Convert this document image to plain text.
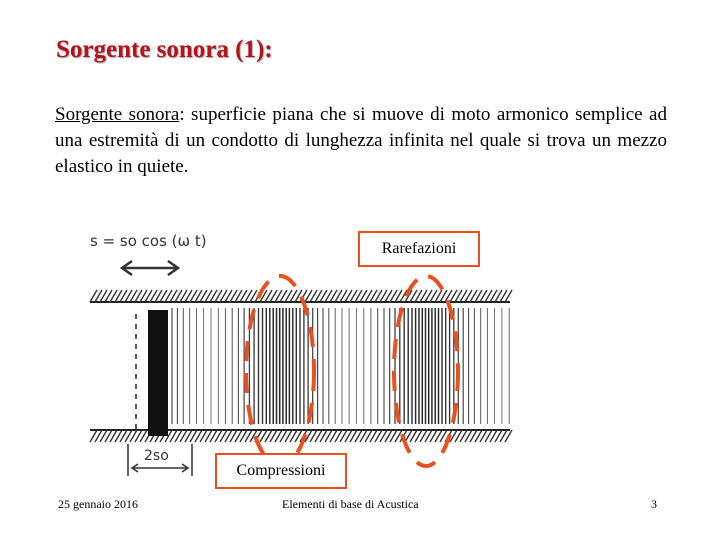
Sorgente sonora (1):
Sorgente sonora: superficie piana che si muove di moto armonico semplice ad una estremità di un condotto di lunghezza infinita nel quale si trova un mezzo elastico in quiete.
s = so cos (ω t)
2so
Rarefazioni
Compressioni
25 gennaio 2016	Elementi di base di Acustica	3
